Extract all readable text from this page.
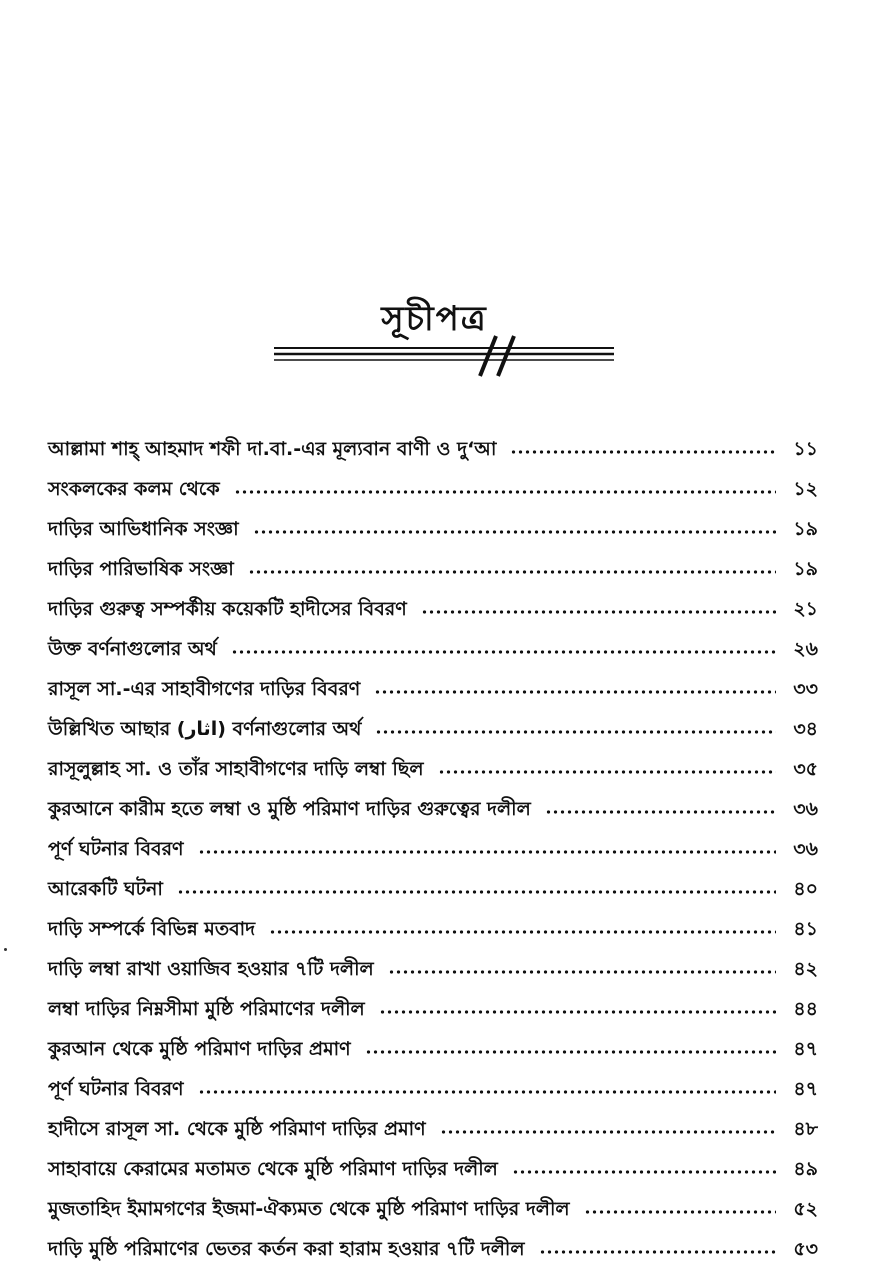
সূচীপত্র
আল্লামা শাহ্ আহমাদ শফী দা.বা.-এর মূল্যবান বাণী ও দু‘আ	১১
সংকলকের কলম থেকে	১২
দাড়ির আভিধানিক সংজ্ঞা	১৯
দাড়ির পারিভাষিক সংজ্ঞা	১৯
দাড়ির গুরুত্ব সম্পর্কীয় কয়েকটি হাদীসের বিবরণ	২১
উক্ত বর্ণনাগুলোর অর্থ	২৬
রাসূল সা.-এর সাহাবীগণের দাড়ির বিবরণ	৩৩
উল্লিখিত আছার (اثار) বর্ণনাগুলোর অর্থ	৩৪
রাসূলুল্লাহ সা. ও তাঁর সাহাবীগণের দাড়ি লম্বা ছিল	৩৫
কুরআনে কারীম হতে লম্বা ও মুষ্ঠি পরিমাণ দাড়ির গুরুত্বের দলীল	৩৬
পূর্ণ ঘটনার বিবরণ	৩৬
আরেকটি ঘটনা	৪০
দাড়ি সম্পর্কে বিভিন্ন মতবাদ	৪১
দাড়ি লম্বা রাখা ওয়াজিব হওয়ার ৭টি দলীল	৪২
লম্বা দাড়ির নিম্নসীমা মুষ্ঠি পরিমাণের দলীল	৪৪
কুরআন থেকে মুষ্ঠি পরিমাণ দাড়ির প্রমাণ	৪৭
পূর্ণ ঘটনার বিবরণ	৪৭
হাদীসে রাসূল সা. থেকে মুষ্ঠি পরিমাণ দাড়ির প্রমাণ	৪৮
সাহাবায়ে কেরামের মতামত থেকে মুষ্ঠি পরিমাণ দাড়ির দলীল	৪৯
মুজতাহিদ ইমামগণের ইজমা-ঐক্যমত থেকে মুষ্ঠি পরিমাণ দাড়ির দলীল	৫২
দাড়ি মুষ্ঠি পরিমাণের ভেতর কর্তন করা হারাম হওয়ার ৭টি দলীল	৫৩
